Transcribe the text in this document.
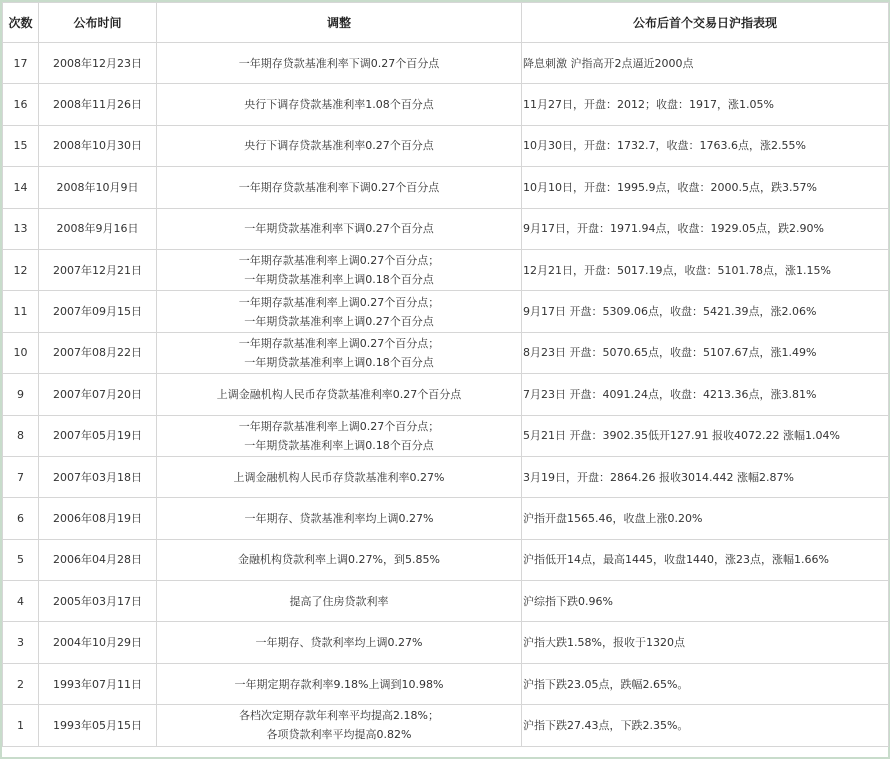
次数	公布时间	调整	公布后首个交易日沪指表现
17	2008年12月23日	一年期存贷款基准利率下调0.27个百分点	降息刺激 沪指高开2点逼近2000点
16	2008年11月26日	央行下调存贷款基准利率1.08个百分点	11月27日，开盘：2012；收盘：1917，涨1.05%
15	2008年10月30日	央行下调存贷款基准利率0.27个百分点	10月30日，开盘：1732.7，收盘：1763.6点，涨2.55%
14	2008年10月9日	一年期存贷款基准利率下调0.27个百分点	10月10日，开盘：1995.9点，收盘：2000.5点，跌3.57%
13	2008年9月16日	一年期贷款基准利率下调0.27个百分点	9月17日，开盘：1971.94点，收盘：1929.05点，跌2.90%
12	2007年12月21日	一年期存款基准利率上调0.27个百分点；
一年期贷款基准利率上调0.18个百分点	12月21日，开盘：5017.19点，收盘：5101.78点，涨1.15%
11	2007年09月15日	一年期存款基准利率上调0.27个百分点；
一年期贷款基准利率上调0.27个百分点	9月17日 开盘：5309.06点，收盘：5421.39点，涨2.06%
10	2007年08月22日	一年期存款基准利率上调0.27个百分点；
一年期贷款基准利率上调0.18个百分点	8月23日 开盘：5070.65点，收盘：5107.67点，涨1.49%
9	2007年07月20日	上调金融机构人民币存贷款基准利率0.27个百分点	7月23日 开盘：4091.24点，收盘：4213.36点，涨3.81%
8	2007年05月19日	一年期存款基准利率上调0.27个百分点；
一年期贷款基准利率上调0.18个百分点	5月21日 开盘：3902.35低开127.91 报收4072.22 涨幅1.04%
7	2007年03月18日	上调金融机构人民币存贷款基准利率0.27%	3月19日，开盘：2864.26 报收3014.442 涨幅2.87%
6	2006年08月19日	一年期存、贷款基准利率均上调0.27%	沪指开盘1565.46，收盘上涨0.20%
5	2006年04月28日	金融机构贷款利率上调0.27%，到5.85%	沪指低开14点，最高1445，收盘1440，涨23点，涨幅1.66%
4	2005年03月17日	提高了住房贷款利率	沪综指下跌0.96%
3	2004年10月29日	一年期存、贷款利率均上调0.27%	沪指大跌1.58%，报收于1320点
2	1993年07月11日	一年期定期存款利率9.18%上调到10.98%	沪指下跌23.05点，跌幅2.65%。
1	1993年05月15日	各档次定期存款年利率平均提高2.18%；
各项贷款利率平均提高0.82%	沪指下跌27.43点，下跌2.35%。
